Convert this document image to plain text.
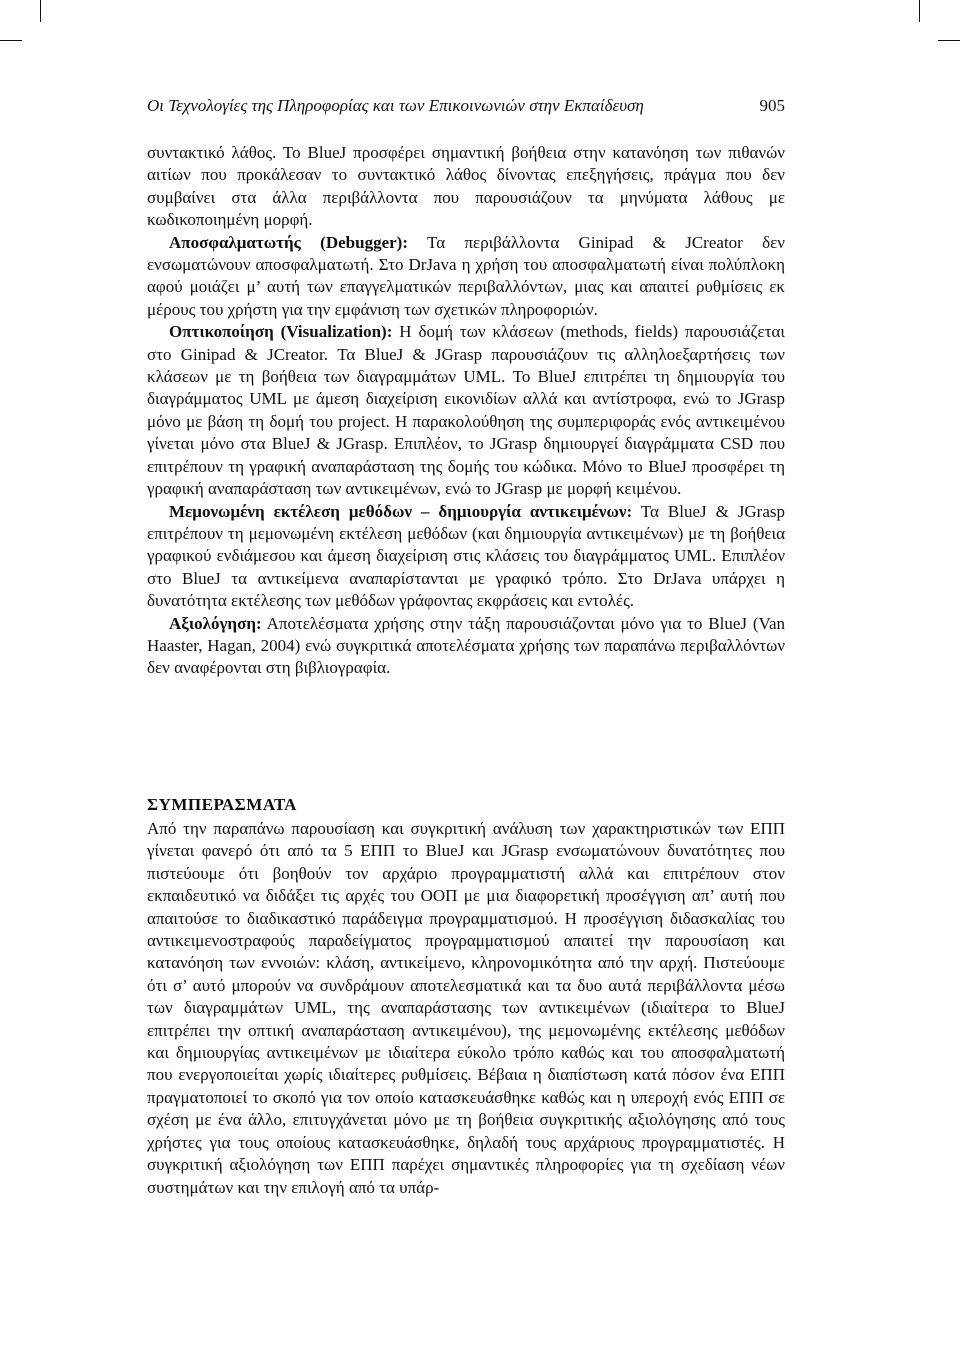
Οι Τεχνολογίες της Πληροφορίας και των Επικοινωνιών στην Εκπαίδευση	905

συντακτικό λάθος. Το BlueJ προσφέρει σημαντική βοήθεια στην κατανόηση των πιθανών αιτίων που προκάλεσαν το συντακτικό λάθος δίνοντας επεξηγήσεις, πράγμα που δεν συμβαίνει στα άλλα περιβάλλοντα που παρουσιάζουν τα μηνύματα λάθους με κωδικοποιημένη μορφή.

Αποσφαλματωτής (Debugger): Τα περιβάλλοντα Ginipad & JCreator δεν ενσωματώνουν αποσφαλματωτή. Στο DrJava η χρήση του αποσφαλματωτή είναι πολύπλοκη αφού μοιάζει μ’ αυτή των επαγγελματικών περιβαλλόντων, μιας και απαιτεί ρυθμίσεις εκ μέρους του χρήστη για την εμφάνιση των σχετικών πληροφοριών.

Οπτικοποίηση (Visualization): Η δομή των κλάσεων (methods, fields) παρουσιάζεται στο Ginipad & JCreator. Τα BlueJ & JGrasp παρουσιάζουν τις αλληλοεξαρτήσεις των κλάσεων με τη βοήθεια των διαγραμμάτων UML. Το BlueJ επιτρέπει τη δημιουργία του διαγράμματος UML με άμεση διαχείριση εικονιδίων αλλά και αντίστροφα, ενώ το JGrasp μόνο με βάση τη δομή του project. Η παρακολούθηση της συμπεριφοράς ενός αντικειμένου γίνεται μόνο στα BlueJ & JGrasp. Επιπλέον, το JGrasp δημιουργεί διαγράμματα CSD που επιτρέπουν τη γραφική αναπαράσταση της δομής του κώδικα. Μόνο το BlueJ προσφέρει τη γραφική αναπαράσταση των αντικειμένων, ενώ το JGrasp με μορφή κειμένου.

Μεμονωμένη εκτέλεση μεθόδων – δημιουργία αντικειμένων: Τα BlueJ & JGrasp επιτρέπουν τη μεμονωμένη εκτέλεση μεθόδων (και δημιουργία αντικειμένων) με τη βοήθεια γραφικού ενδιάμεσου και άμεση διαχείριση στις κλάσεις του διαγράμματος UML. Επιπλέον στο BlueJ τα αντικείμενα αναπαρίστανται με γραφικό τρόπο. Στο DrJava υπάρχει η δυνατότητα εκτέλεσης των μεθόδων γράφοντας εκφράσεις και εντολές.

Αξιολόγηση: Αποτελέσματα χρήσης στην τάξη παρουσιάζονται μόνο για το BlueJ (Van Haaster, Hagan, 2004) ενώ συγκριτικά αποτελέσματα χρήσης των παραπάνω περιβαλλόντων δεν αναφέρονται στη βιβλιογραφία.

ΣΥΜΠΕΡΑΣΜΑΤΑ

Από την παραπάνω παρουσίαση και συγκριτική ανάλυση των χαρακτηριστικών των ΕΠΠ γίνεται φανερό ότι από τα 5 ΕΠΠ το BlueJ και JGrasp ενσωματώνουν δυνατότητες που πιστεύουμε ότι βοηθούν τον αρχάριο προγραμματιστή αλλά και επιτρέπουν στον εκπαιδευτικό να διδάξει τις αρχές του ΟΟΠ με μια διαφορετική προσέγγιση απ’ αυτή που απαιτούσε το διαδικαστικό παράδειγμα προγραμματισμού. Η προσέγγιση διδασκαλίας του αντικειμενοστραφούς παραδείγματος προγραμματισμού απαιτεί την παρουσίαση και κατανόηση των εννοιών: κλάση, αντικείμενο, κληρονομικότητα από την αρχή. Πιστεύουμε ότι σ’ αυτό μπορούν να συνδράμουν αποτελεσματικά και τα δυο αυτά περιβάλλοντα μέσω των διαγραμμάτων UML, της αναπαράστασης των αντικειμένων (ιδιαίτερα το BlueJ επιτρέπει την οπτική αναπαράσταση αντικειμένου), της μεμονωμένης εκτέλεσης μεθόδων και δημιουργίας αντικειμένων με ιδιαίτερα εύκολο τρόπο καθώς και του αποσφαλματωτή που ενεργοποιείται χωρίς ιδιαίτερες ρυθμίσεις. Βέβαια η διαπίστωση κατά πόσον ένα ΕΠΠ πραγματοποιεί το σκοπό για τον οποίο κατασκευάσθηκε καθώς και η υπεροχή ενός ΕΠΠ σε σχέση με ένα άλλο, επιτυγχάνεται μόνο με τη βοήθεια συγκριτικής αξιολόγησης από τους χρήστες για τους οποίους κατασκευάσθηκε, δηλαδή τους αρχάριους προγραμματιστές. Η συγκριτική αξιολόγηση των ΕΠΠ παρέχει σημαντικές πληροφορίες για τη σχεδίαση νέων συστημάτων και την επιλογή από τα υπάρ-
